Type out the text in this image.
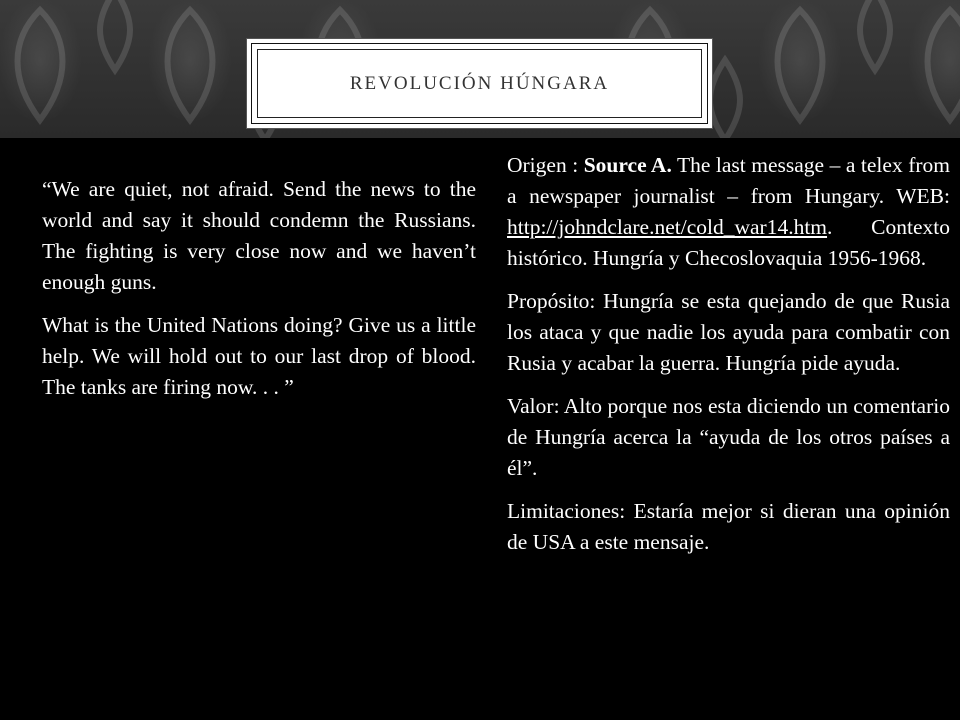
REVOLUCIÓN HÚNGARA

“We are quiet, not afraid. Send the news to the world and say it should condemn the Russians. The fighting is very close now and we haven’t enough guns.

What is the United Nations doing? Give us a little help. We will hold out to our last drop of blood. The tanks are firing now. . . ”

Origen : Source A. The last message – a telex from a newspaper journalist – from Hungary. WEB: http://johndclare.net/cold_war14.htm. Contexto histórico. Hungría y Checoslovaquia 1956-1968.

Propósito: Hungría se esta quejando de que Rusia los ataca y que nadie los ayuda para combatir con Rusia y acabar la guerra. Hungría pide ayuda.

Valor: Alto porque nos esta diciendo un comentario de Hungría acerca la “ayuda de los otros países a él”.

Limitaciones: Estaría mejor si dieran una opinión de USA a este mensaje.
